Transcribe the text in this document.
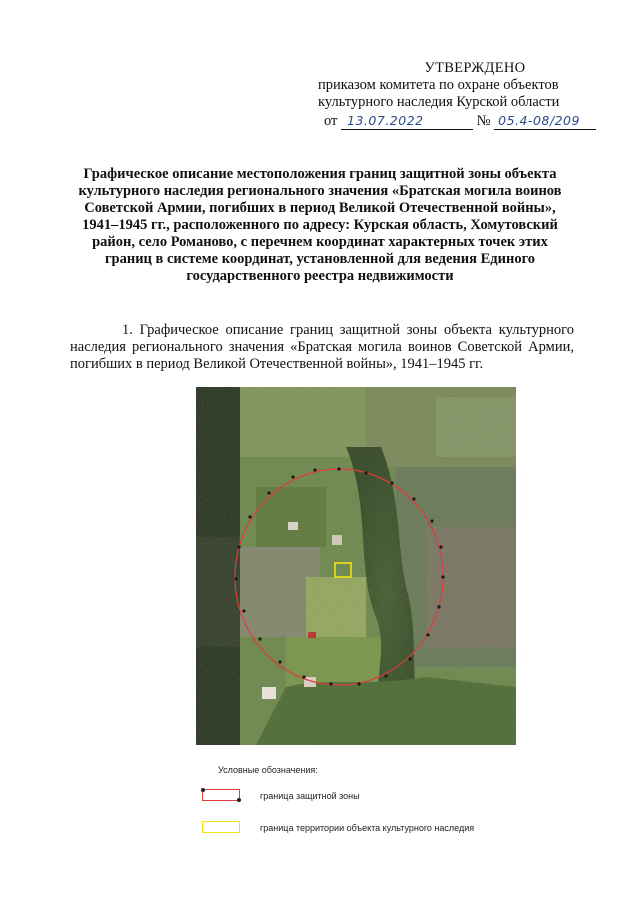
УТВЕРЖДЕНО
приказом комитета по охране объектов
культурного наследия Курской области
от 13.07.2022	№ 05.4-08/209
Графическое описание местоположения границ защитной зоны объекта культурного наследия регионального значения «Братская могила воинов Советской Армии, погибших в период Великой Отечественной войны», 1941–1945 гг., расположенного по адресу: Курская область, Хомутовский район, село Романово, с перечнем координат характерных точек этих границ в системе координат, установленной для ведения Единого государственного реестра недвижимости
1. Графическое описание границ защитной зоны объекта культурного наследия регионального значения «Братская могила воинов Советской Армии, погибших в период Великой Отечественной войны», 1941–1945 гг.
Условные обозначения:
граница защитной зоны
граница территории объекта культурного наследия
